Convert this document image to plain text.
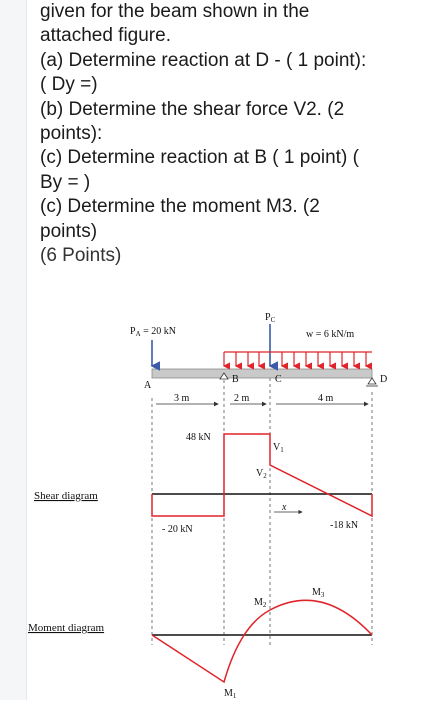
given for the beam shown in the

attached figure.

(a) Determine reaction at D - ( 1 point):

( Dy =)

(b) Determine the shear force V2. (2

points):

(c) Determine reaction at B ( 1 point) (

By = )

(c) Determine the moment M3. (2

points)

(6 Points)

$P_A = 20$ kN
$P_C$
w = 6 kN/m
A
B	C	D
3 m	2 m	4 m
48 kN
$V_1$
$V_2$
x
- 20 kN	-18 kN
Shear diagram
$M_1$
$M_2$
$M_3$
Moment diagram
